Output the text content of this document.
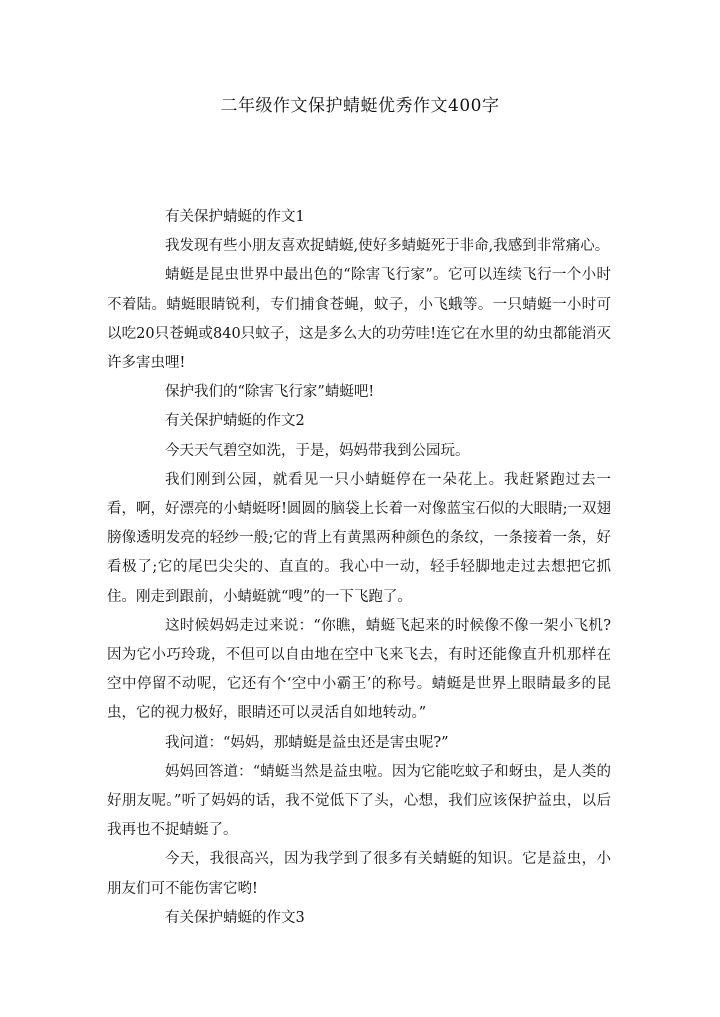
二年级作文保护蜻蜓优秀作文400字

有关保护蜻蜓的作文1

我发现有些小朋友喜欢捉蜻蜓,使好多蜻蜓死于非命,我感到非常痛心。

蜻蜓是昆虫世界中最出色的“除害飞行家”。它可以连续飞行一个小时不着陆。蜻蜓眼睛锐利，专们捕食苍蝇，蚊子，小飞蛾等。一只蜻蜓一小时可以吃20只苍蝇或840只蚊子，这是多么大的功劳哇!连它在水里的幼虫都能消灭许多害虫哩!

保护我们的“除害飞行家”蜻蜓吧!

有关保护蜻蜓的作文2

今天天气碧空如洗，于是，妈妈带我到公园玩。

我们刚到公园，就看见一只小蜻蜓停在一朵花上。我赶紧跑过去一看，啊，好漂亮的小蜻蜓呀!圆圆的脑袋上长着一对像蓝宝石似的大眼睛;一双翅膀像透明发亮的轻纱一般;它的背上有黄黑两种颜色的条纹，一条接着一条，好看极了;它的尾巴尖尖的、直直的。我心中一动，轻手轻脚地走过去想把它抓住。刚走到跟前，小蜻蜓就“嗖”的一下飞跑了。

这时候妈妈走过来说：“你瞧，蜻蜓飞起来的时候像不像一架小飞机?因为它小巧玲珑，不但可以自由地在空中飞来飞去，有时还能像直升机那样在空中停留不动呢，它还有个‘空中小霸王’的称号。蜻蜓是世界上眼睛最多的昆虫，它的视力极好，眼睛还可以灵活自如地转动。”

我问道：“妈妈，那蜻蜓是益虫还是害虫呢?”

妈妈回答道：“蜻蜓当然是益虫啦。因为它能吃蚊子和蚜虫，是人类的好朋友呢。”听了妈妈的话，我不觉低下了头，心想，我们应该保护益虫，以后我再也不捉蜻蜓了。

今天，我很高兴，因为我学到了很多有关蜻蜓的知识。它是益虫，小朋友们可不能伤害它哟!

有关保护蜻蜓的作文3
